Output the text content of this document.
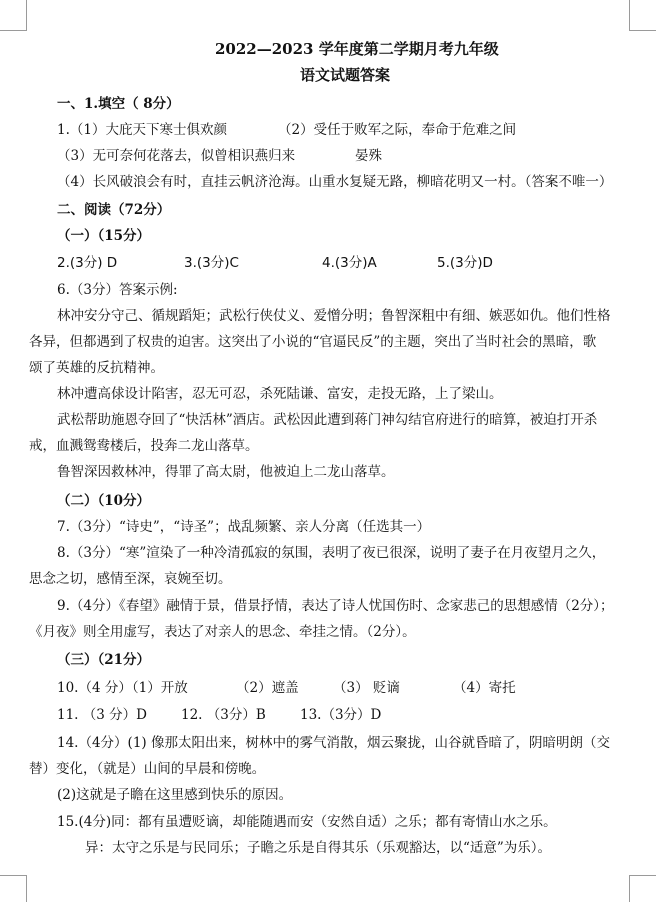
2022—2023 学年度第二学期月考九年级
语文试题答案
一、1.填空（ 8分）
1.（1）大庇天下寒士俱欢颜	（2）受任于败军之际，奉命于危难之间
（3）无可奈何花落去，似曾相识燕归来	晏殊
（4）长风破浪会有时，直挂云帆济沧海。山重水复疑无路，柳暗花明又一村。（答案不唯一）
二、阅读（72分）
（一）（15分）
2.(3分) D	3.(3分)C	4.(3分)A	5.(3分)D
6.（3分）答案示例:
林冲安分守己、循规蹈矩；武松行侠仗义、爱憎分明；鲁智深粗中有细、嫉恶如仇。他们性格
各异，但都遇到了权贵的迫害。这突出了小说的“官逼民反”的主题，突出了当时社会的黑暗，歌
颂了英雄的反抗精神。
林冲遭高俅设计陷害，忍无可忍，杀死陆谦、富安，走投无路，上了梁山。
武松帮助施恩夺回了“快活林”酒店。武松因此遭到蒋门神勾结官府进行的暗算，被迫打开杀
戒，血溅鸳鸯楼后，投奔二龙山落草。
鲁智深因救林冲，得罪了高太尉，他被迫上二龙山落草。
（二）（10分）
7.（3分）“诗史”，“诗圣”；战乱频繁、亲人分离（任选其一）
8.（3分）“寒”渲染了一种冷清孤寂的氛围，表明了夜已很深，说明了妻子在月夜望月之久，
思念之切，感情至深，哀婉至切。
9.（4分）《春望》融情于景，借景抒情，表达了诗人忧国伤时、念家悲己的思想感情（2分）；
《月夜》则全用虚写，表达了对亲人的思念、牵挂之情。（2分）。
（三）（21分）
10.（4 分）（1）开放	（2）遮盖	（3） 贬谪	（4）寄托
11. （3 分）D	12. （3分）B	13.（3分）D
14.（4分）(1) 像那太阳出来，树林中的雾气消散，烟云聚拢，山谷就昏暗了，阴暗明朗（交
替）变化，（就是）山间的早晨和傍晚。
(2)这就是子瞻在这里感到快乐的原因。
15.(4分)同：都有虽遭贬谪，却能随遇而安（安然自适）之乐；都有寄情山水之乐。
异：太守之乐是与民同乐；子瞻之乐是自得其乐（乐观豁达，以“适意”为乐）。
